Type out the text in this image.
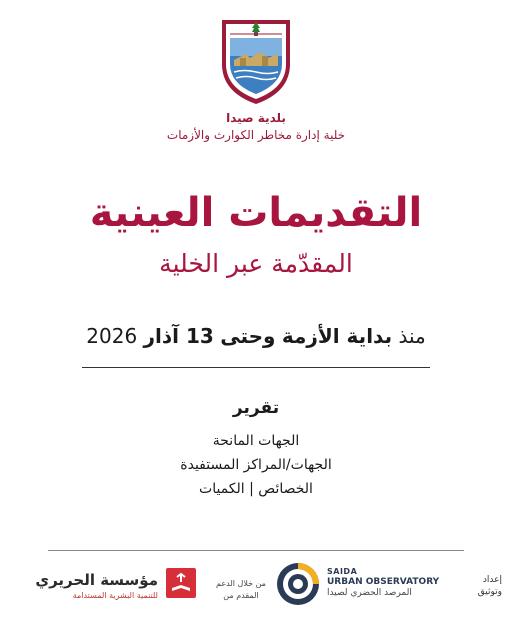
بلدية صيدا
خلية إدارة مخاطر الكوارث والأزمات
التقديمات العينية
المقدّمة عبر الخلية
منذ بداية الأزمة وحتى 13 آذار 2026
تقرير
الجهات المانحة
الجهات/المراكز المستفيدة
الخصائص | الكميات
إعداد وتوثيق
SAIDA
URBAN OBSERVATORY
المرصد الحضري لصيدا
من خلال الدعم المقدم من
مؤسسة الحريري
للتنمية البشرية المستدامة
